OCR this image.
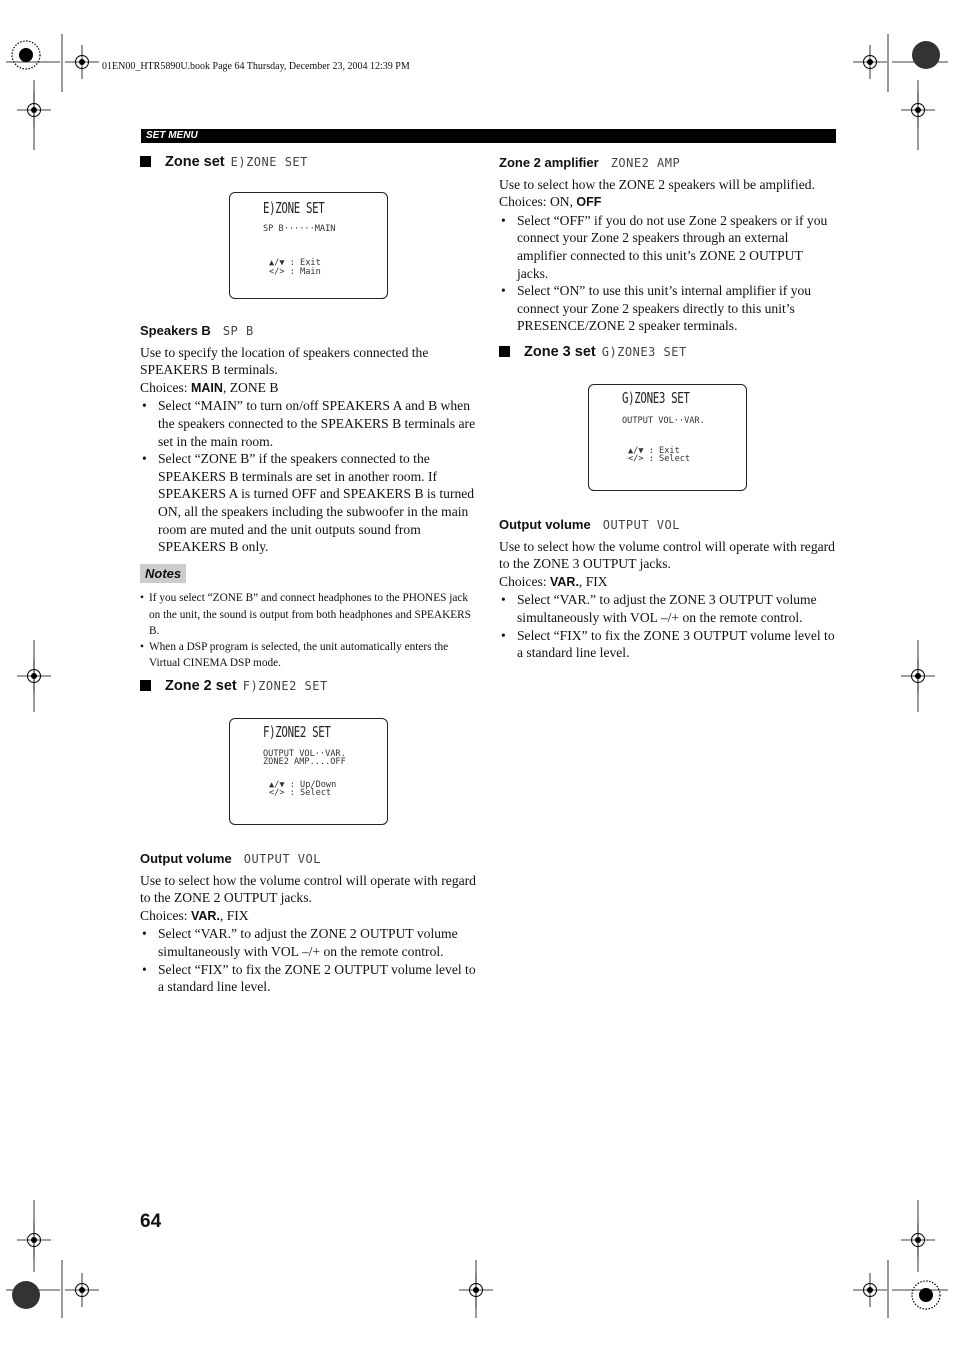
01EN00_HTR5890U.book Page 64 Thursday, December 23, 2004 12:39 PM
SET MENU

Zone set E)ZONE SET

E)ZONE SET
SP B······MAIN
▲/▼ : Exit
</> : Main

Speakers B SP B

Use to specify the location of speakers connected the SPEAKERS B terminals.

Choices: MAIN, ZONE B

• Select “MAIN” to turn on/off SPEAKERS A and B when the speakers connected to the SPEAKERS B terminals are set in the main room.
• Select “ZONE B” if the speakers connected to the SPEAKERS B terminals are set in another room. If SPEAKERS A is turned OFF and SPEAKERS B is turned ON, all the speakers including the subwoofer in the main room are muted and the unit outputs sound from SPEAKERS B only.
Notes
• If you select “ZONE B” and connect headphones to the PHONES jack on the unit, the sound is output from both headphones and SPEAKERS B.
• When a DSP program is selected, the unit automatically enters the Virtual CINEMA DSP mode.

Zone 2 set F)ZONE2 SET

F)ZONE2 SET
OUTPUT VOL··VAR.
ZONE2 AMP....OFF
▲/▼ : Up/Down
</> : Select

Output volume OUTPUT VOL

Use to select how the volume control will operate with regard to the ZONE 2 OUTPUT jacks.

Choices: VAR., FIX

• Select “VAR.” to adjust the ZONE 2 OUTPUT volume simultaneously with VOL –/+ on the remote control.
• Select “FIX” to fix the ZONE 2 OUTPUT volume level to a standard line level.

Zone 2 amplifier ZONE2 AMP

Use to select how the ZONE 2 speakers will be amplified.

Choices: ON, OFF

• Select “OFF” if you do not use Zone 2 speakers or if you connect your Zone 2 speakers through an external amplifier connected to this unit’s ZONE 2 OUTPUT jacks.
• Select “ON” to use this unit’s internal amplifier if you connect your Zone 2 speakers directly to this unit’s PRESENCE/ZONE 2 speaker terminals.

Zone 3 set G)ZONE3 SET

G)ZONE3 SET
OUTPUT VOL··VAR.
▲/▼ : Exit
</> : Select

Output volume OUTPUT VOL

Use to select how the volume control will operate with regard to the ZONE 3 OUTPUT jacks.

Choices: VAR., FIX

• Select “VAR.” to adjust the ZONE 3 OUTPUT volume simultaneously with VOL –/+ on the remote control.
• Select “FIX” to fix the ZONE 3 OUTPUT volume level to a standard line level.
64
